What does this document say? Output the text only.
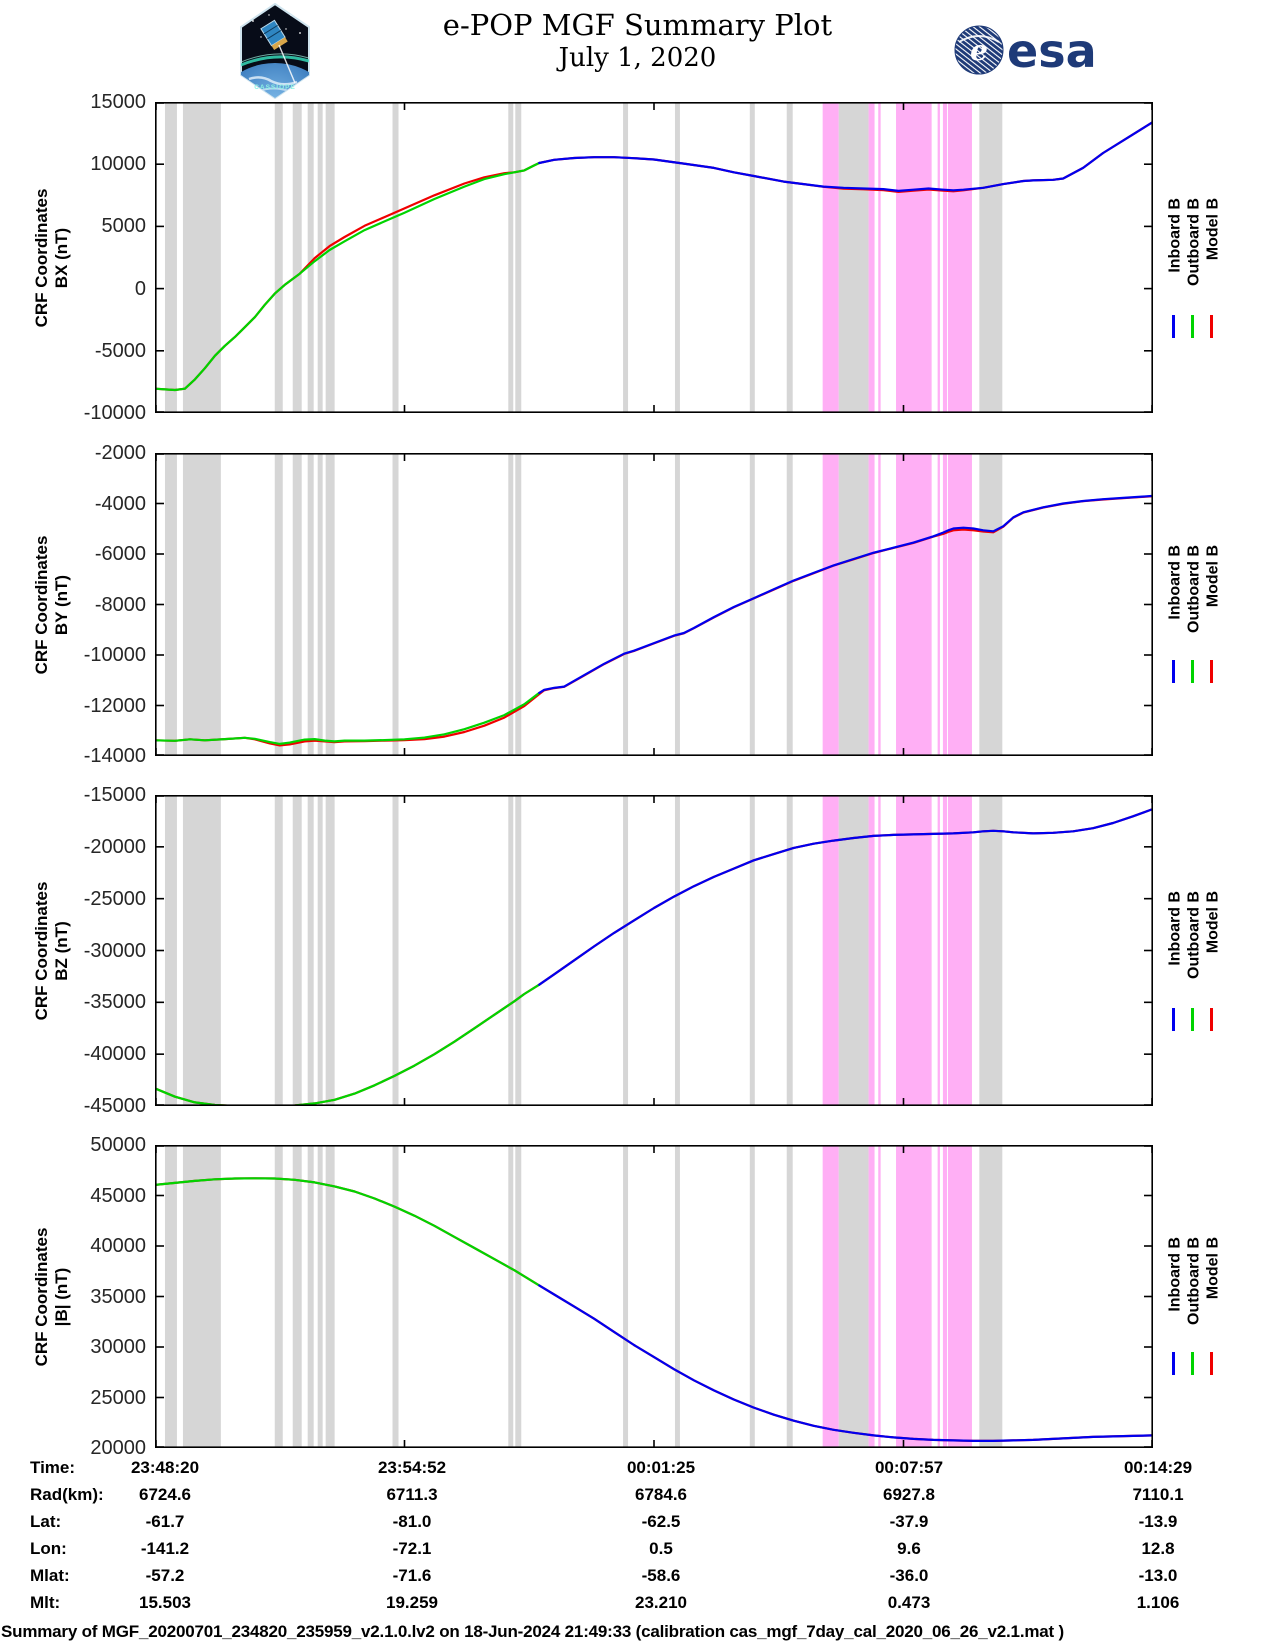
CASSIOPE
e-POP MGF Summary Plot
July 1, 2020	e esa
CRF Coordinates BX (nT)
15000
10000
5000
0
-5000
-10000
Inboard B Outboard B Model B
CRF Coordinates BY (nT)
-2000
-4000
-6000
-8000
-10000
-12000
-14000
Inboard B Outboard B Model B
CRF Coordinates BZ (nT)
-15000
-20000
-25000
-30000
-35000
-40000
-45000
Inboard B Outboard B Model B
CRF Coordinates |B| (nT)
50000
45000
40000
35000
30000
25000
20000
Inboard B Outboard B Model B
Time:	23:48:20	23:54:52	00:01:25	00:07:57	00:14:29
Rad(km): 6724.6	6711.3	6784.6	6927.8	7110.1
Lat:	-61.7	-81.0	-62.5	-37.9	-13.9
Lon:	-141.2	-72.1	0.5	9.6	12.8
Mlat:	-57.2	-71.6	-58.6	-36.0	-13.0
Mlt:	15.503	19.259	23.210	0.473	1.106
Summary of MGF_20200701_234820_235959_v2.1.0.lv2 on 18-Jun-2024 21:49:33 (calibration cas_mgf_7day_cal_2020_06_26_v2.1.mat )
